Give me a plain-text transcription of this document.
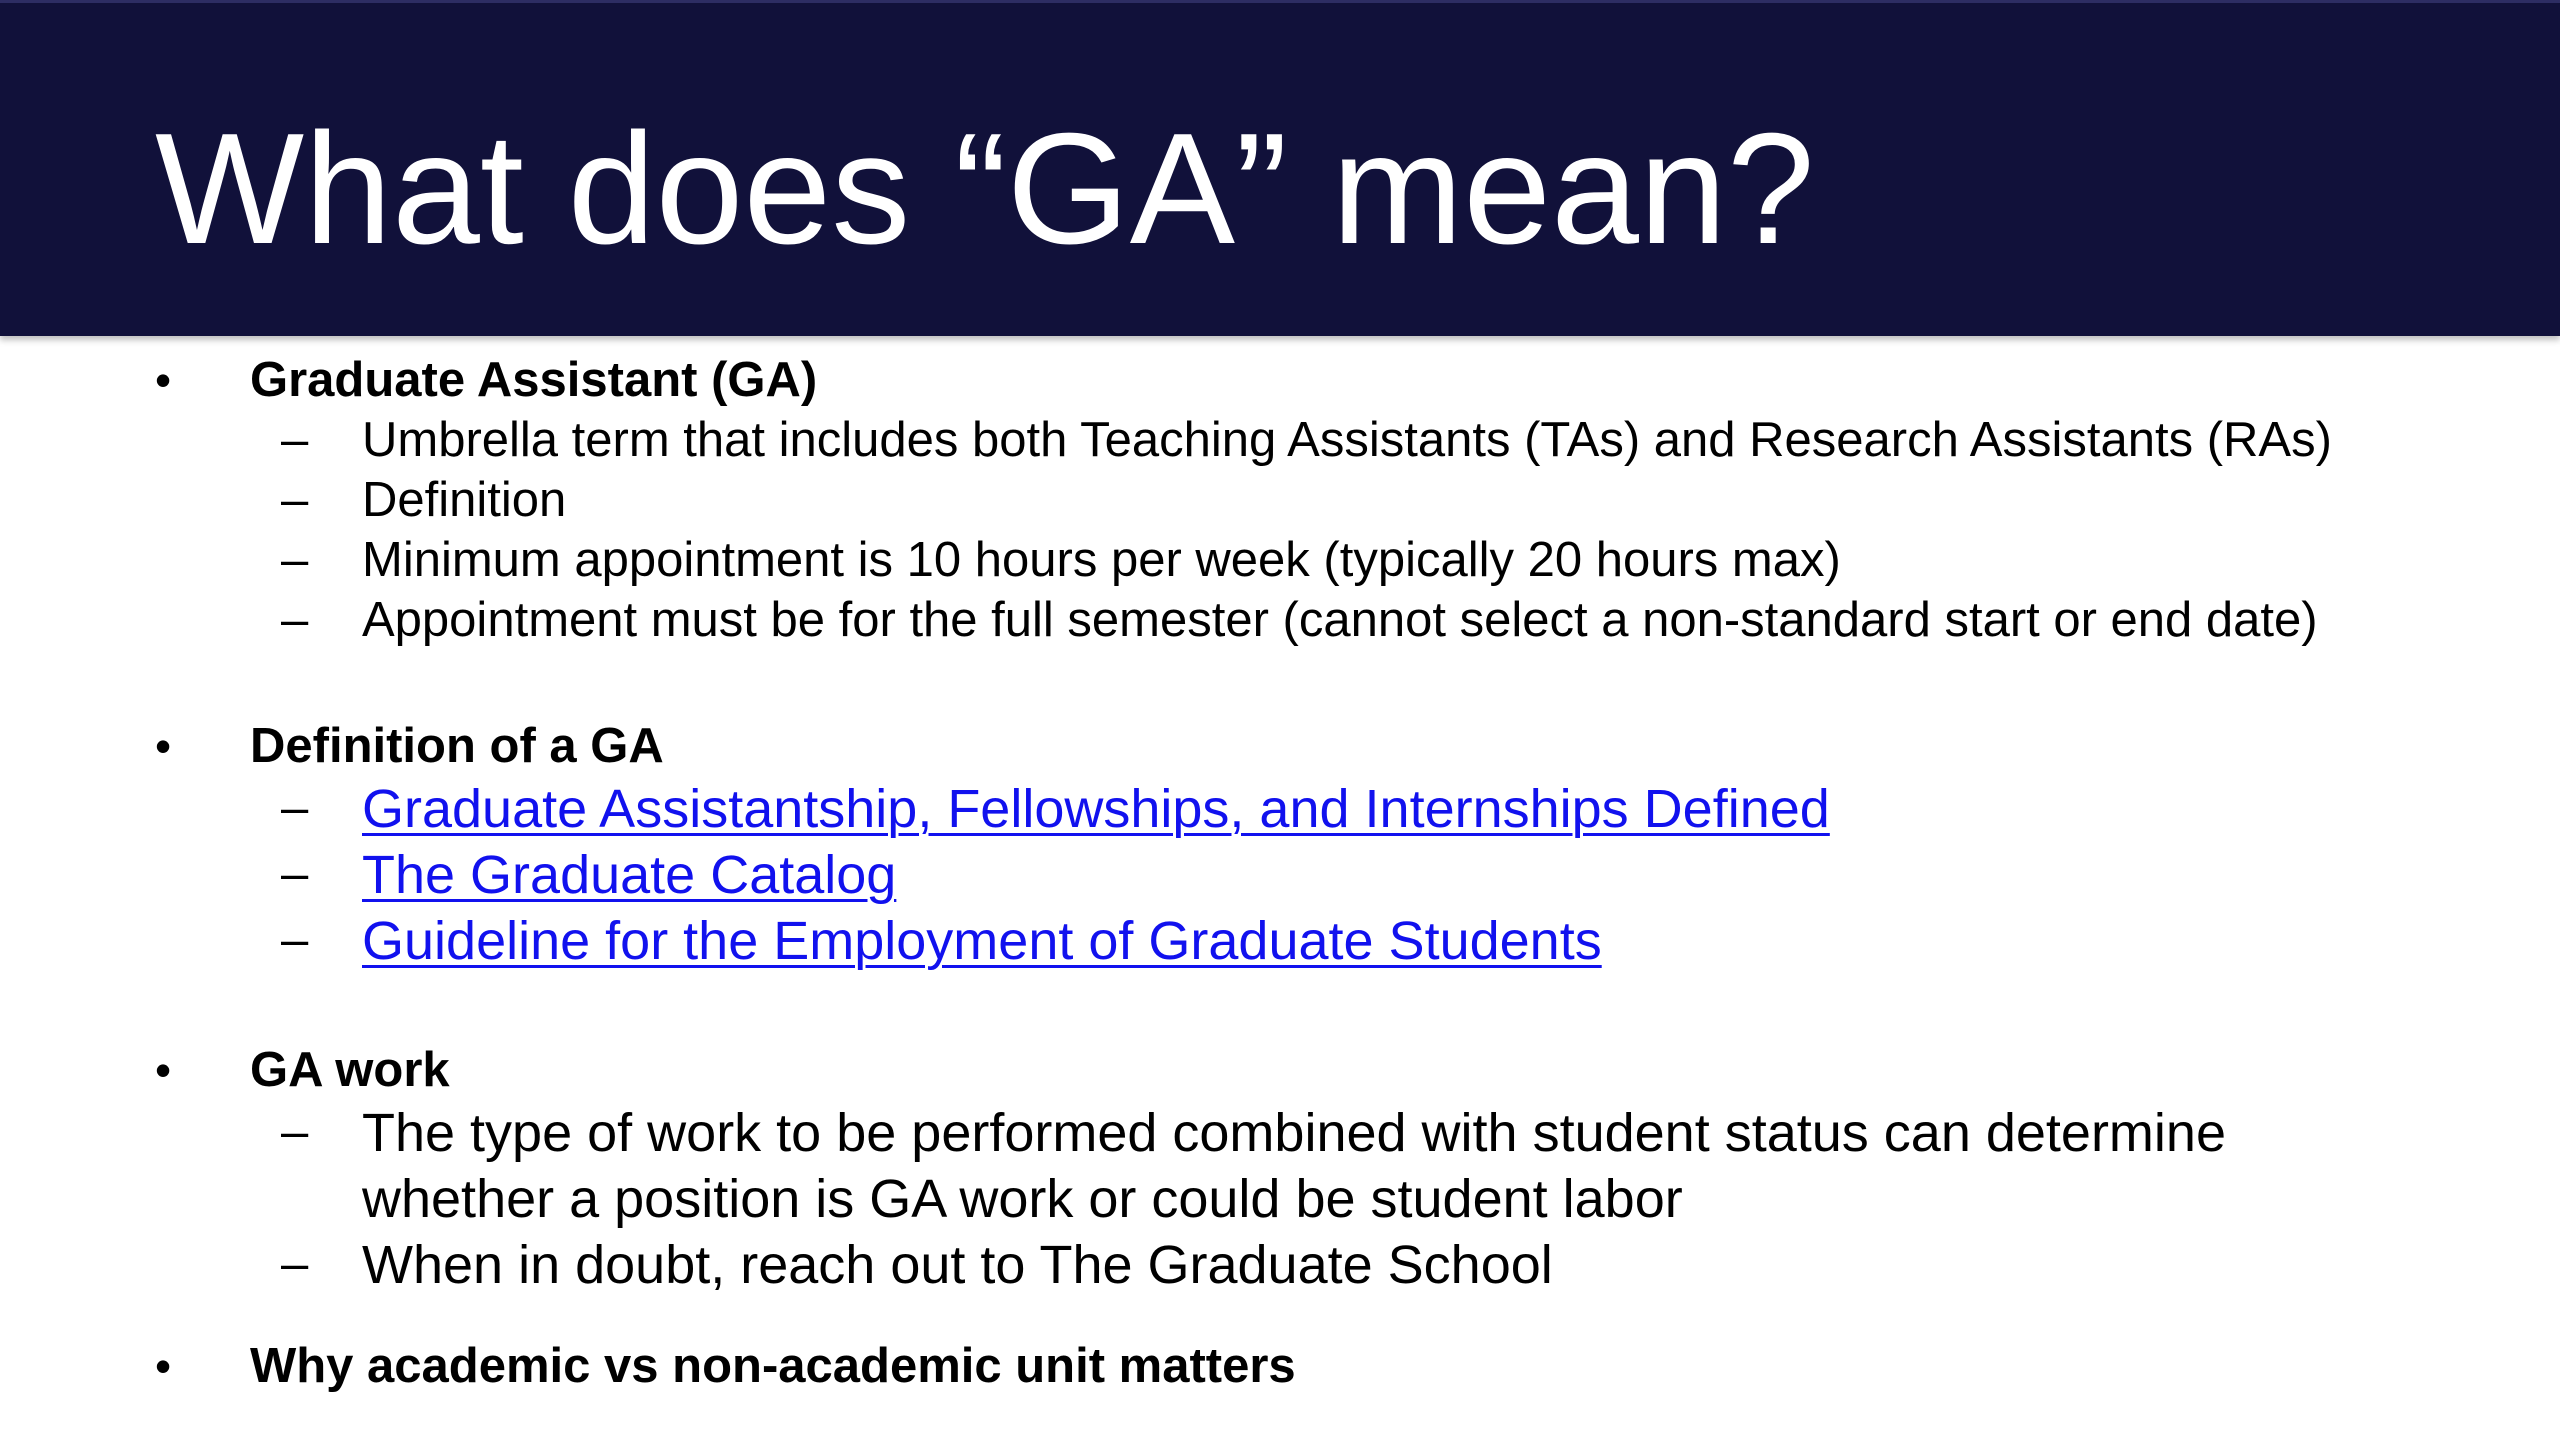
What does “GA” mean?
• Graduate Assistant (GA)
– Umbrella term that includes both Teaching Assistants (TAs) and Research Assistants (RAs)
– Definition
– Minimum appointment is 10 hours per week (typically 20 hours max)
– Appointment must be for the full semester (cannot select a non-standard start or end date)
• Definition of a GA
– Graduate Assistantship, Fellowships, and Internships Defined
– The Graduate Catalog
– Guideline for the Employment of Graduate Students
• GA work
– The type of work to be performed combined with student status can determine
whether a position is GA work or could be student labor
– When in doubt, reach out to The Graduate School
• Why academic vs non-academic unit matters
